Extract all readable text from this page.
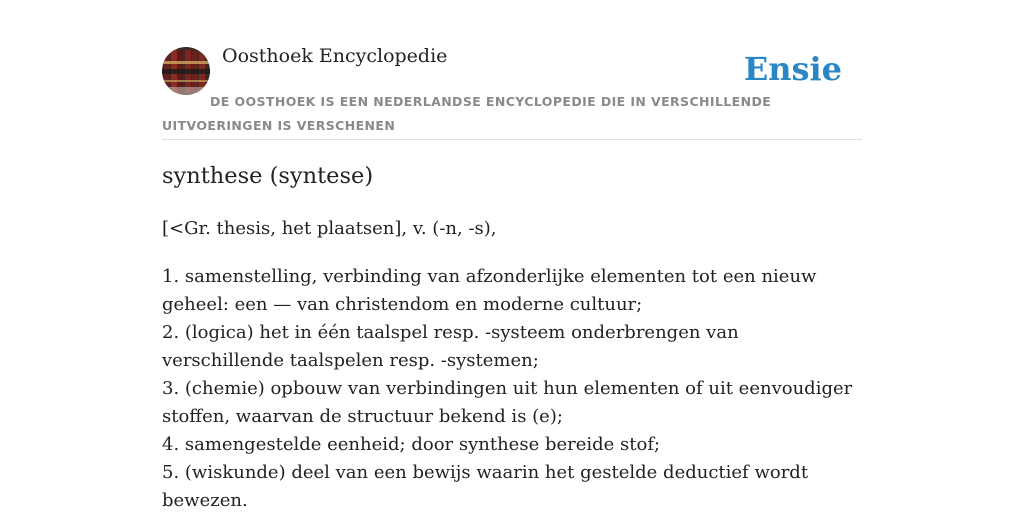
Oosthoek Encyclopedie	Ensie
DE OOSTHOEK IS EEN NEDERLANDSE ENCYCLOPEDIE DIE IN VERSCHILLENDE UITVOERINGEN IS VERSCHENEN
synthese (syntese)

[<Gr. thesis, het plaatsen], v. (-n, -s),

1. samenstelling, verbinding van afzonderlijke elementen tot een nieuw geheel: een — van christendom en moderne cultuur;
2. (logica) het in één taalspel resp. -systeem onderbrengen van verschillende taalspelen resp. -systemen;
3. (chemie) opbouw van verbindingen uit hun elementen of uit eenvoudiger stoffen, waarvan de structuur bekend is (e);
4. samengestelde eenheid; door synthese bereide stof;
5. (wiskunde) deel van een bewijs waarin het gestelde deductief wordt bewezen.
